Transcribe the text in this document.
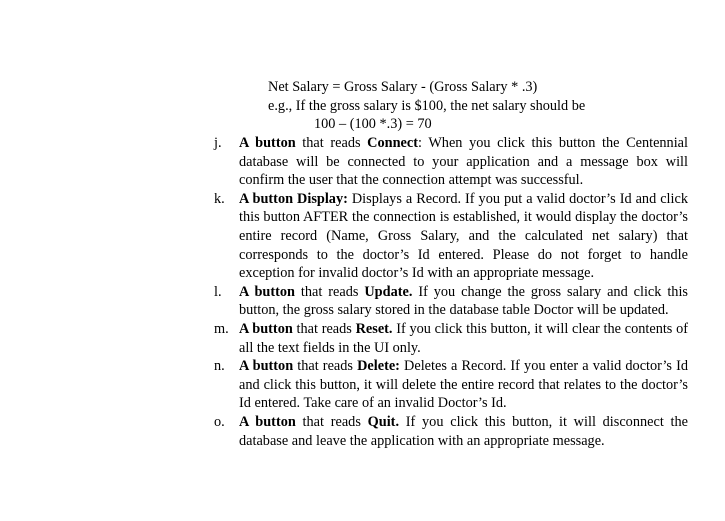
Net Salary = Gross Salary - (Gross Salary * .3)
e.g., If the gross salary is $100, the net salary should be
100 – (100 *.3) = 70
j.	A button that reads Connect: When you click this button the Centennial database will be connected to your application and a message box will confirm the user that the connection attempt was successful.
k. A button Display: Displays a Record. If you put a valid doctor’s Id and click this button AFTER the connection is established, it would display the doctor’s entire record (Name, Gross Salary, and the calculated net salary) that corresponds to the doctor’s Id entered. Please do not forget to handle exception for invalid doctor’s Id with an appropriate message.
l.	A button that reads Update. If you change the gross salary and click this button, the gross salary stored in the database table Doctor will be updated.
m. A button that reads Reset. If you click this button, it will clear the contents of all the text fields in the UI only.
n. A button that reads Delete: Deletes a Record. If you enter a valid doctor’s Id and click this button, it will delete the entire record that relates to the doctor’s Id entered. Take care of an invalid Doctor’s Id.
o. A button that reads Quit. If you click this button, it will disconnect the database and leave the application with an appropriate message.
